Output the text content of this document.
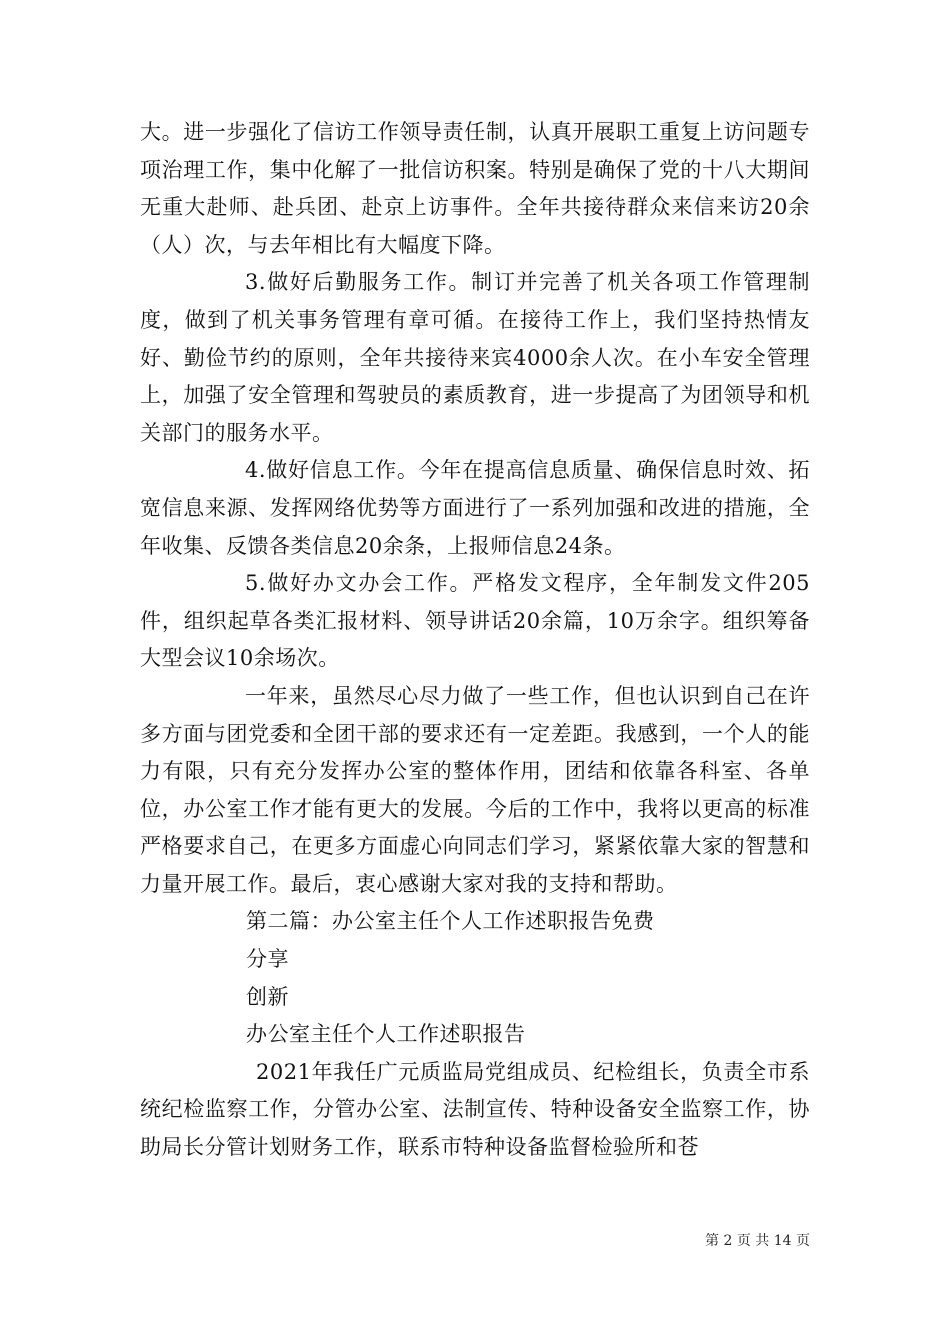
大。进一步强化了信访工作领导责任制，认真开展职工重复上访问题专项治理工作，集中化解了一批信访积案。特别是确保了党的十八大期间无重大赴师、赴兵团、赴京上访事件。全年共接待群众来信来访20余（人）次，与去年相比有大幅度下降。

3.做好后勤服务工作。制订并完善了机关各项工作管理制度，做到了机关事务管理有章可循。在接待工作上，我们坚持热情友好、勤俭节约的原则，全年共接待来宾4000余人次。在小车安全管理上，加强了安全管理和驾驶员的素质教育，进一步提高了为团领导和机关部门的服务水平。

4.做好信息工作。今年在提高信息质量、确保信息时效、拓宽信息来源、发挥网络优势等方面进行了一系列加强和改进的措施，全年收集、反馈各类信息20余条，上报师信息24条。

5.做好办文办会工作。严格发文程序，全年制发文件205件，组织起草各类汇报材料、领导讲话20余篇，10万余字。组织筹备大型会议10余场次。

一年来，虽然尽心尽力做了一些工作，但也认识到自己在许多方面与团党委和全团干部的要求还有一定差距。我感到，一个人的能力有限，只有充分发挥办公室的整体作用，团结和依靠各科室、各单位，办公室工作才能有更大的发展。今后的工作中，我将以更高的标准严格要求自己，在更多方面虚心向同志们学习，紧紧依靠大家的智慧和力量开展工作。最后，衷心感谢大家对我的支持和帮助。

第二篇：办公室主任个人工作述职报告免费

分享

创新

办公室主任个人工作述职报告

2021年我任广元质监局党组成员、纪检组长，负责全市系统纪检监察工作，分管办公室、法制宣传、特种设备安全监察工作，协助局长分管计划财务工作，联系市特种设备监督检验所和苍

第 2 页 共 14 页
